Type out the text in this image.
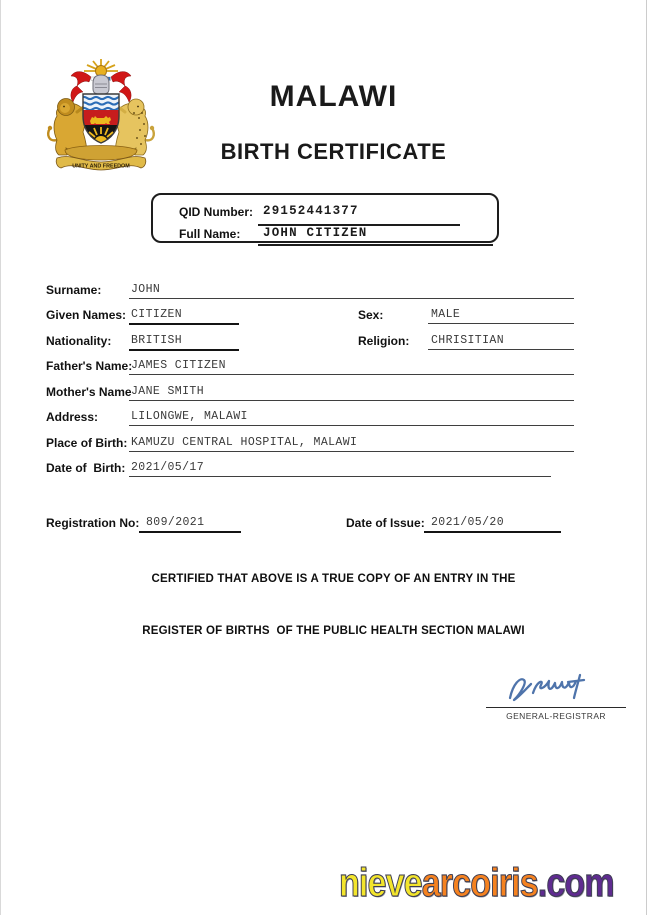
UNITY AND FREEDOM
MALAWI
BIRTH CERTIFICATE
QID Number: 29152441377
Full Name: JOHN CITIZEN
Surname:	JOHN
Given Names: CITIZEN	Sex:	MALE
Nationality: BRITISH	Religion: CHRISITIAN
Father's Name:
JAMES CITIZEN
Mother's Name JANE SMITH
Address:	LILONGWE, MALAWI
Place of Birth: KAMUZU CENTRAL HOSPITAL, MALAWI
Date of  Birth: 2021/05/17
Registration No: 809/2021	Date of Issue: 2021/05/20
CERTIFIED THAT ABOVE IS A TRUE COPY OF AN ENTRY IN THE
REGISTER OF BIRTHS  OF THE PUBLIC HEALTH SECTION MALAWI
GENERAL-REGISTRAR
nievearcoiris.com
